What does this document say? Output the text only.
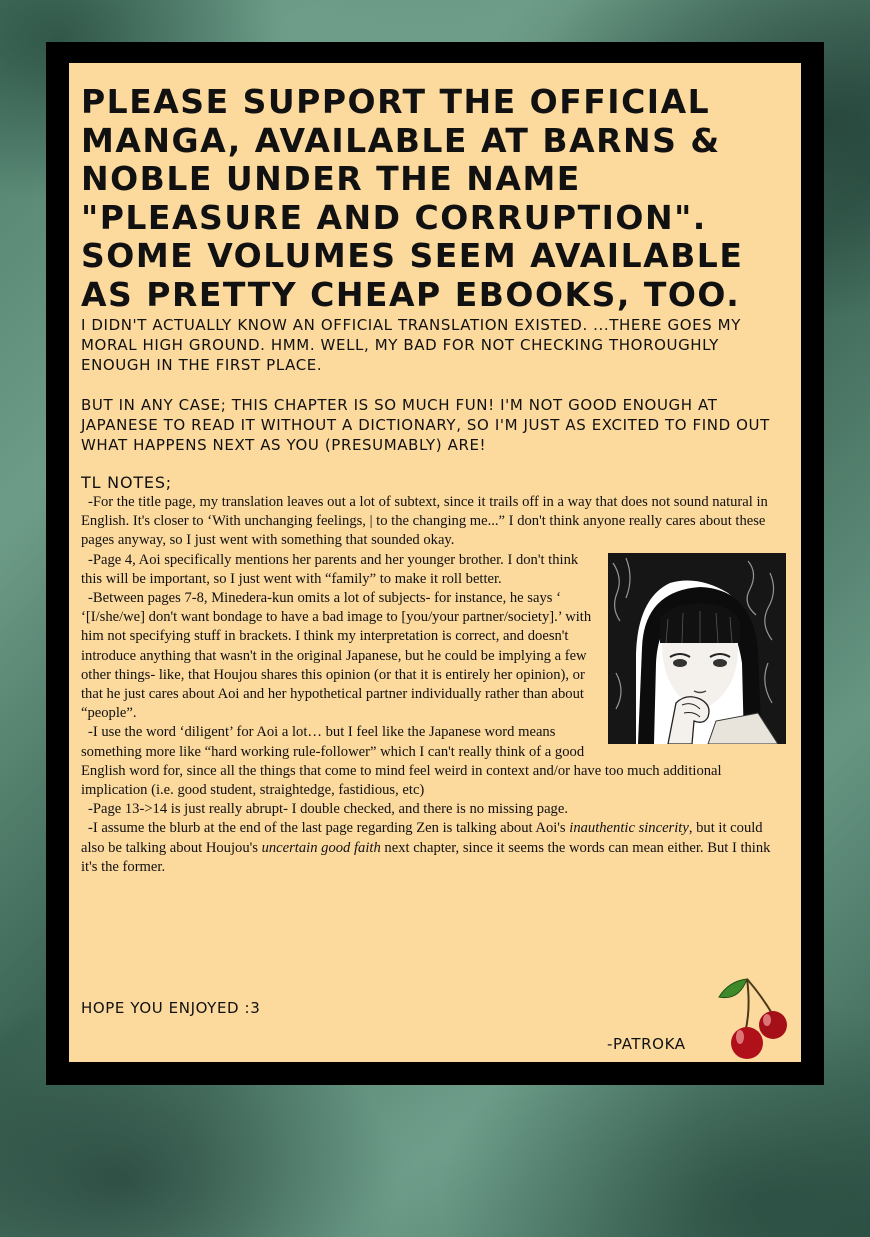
PLEASE SUPPORT THE OFFICIAL MANGA, AVAILABLE AT BARNS & NOBLE UNDER THE NAME "PLEASURE AND CORRUPTION". SOME VOLUMES SEEM AVAILABLE AS PRETTY CHEAP EBOOKS, TOO.

I DIDN'T ACTUALLY KNOW AN OFFICIAL TRANSLATION EXISTED. ...THERE GOES MY MORAL HIGH GROUND. HMM. WELL, MY BAD FOR NOT CHECKING THOROUGHLY ENOUGH IN THE FIRST PLACE.

BUT IN ANY CASE; THIS CHAPTER IS SO MUCH FUN! I'M NOT GOOD ENOUGH AT JAPANESE TO READ IT WITHOUT A DICTIONARY, SO I'M JUST AS EXCITED TO FIND OUT WHAT HAPPENS NEXT AS YOU (PRESUMABLY) ARE!

TL NOTES;

-For the title page, my translation leaves out a lot of subtext, since it trails off in a way that does not sound natural in English. It's closer to ‘With unchanging feelings, | to the changing me...” I don't think anyone really cares about these pages anyway, so I just went with something that sounded okay.

-Page 4, Aoi specifically mentions her parents and her younger brother. I don't think this will be important, so I just went with “family” to make it roll better.

-Between pages 7-8, Minedera-kun omits a lot of subjects- for instance, he says ‘ ‘[I/she/we] don't want bondage to have a bad image to [you/your partner/society].’ with him not specifying stuff in brackets. I think my interpretation is correct, and doesn't introduce anything that wasn't in the original Japanese, but he could be implying a few other things- like, that Houjou shares this opinion (or that it is entirely her opinion), or that he just cares about Aoi and her hypothetical partner individually rather than about “people”.

-I use the word ‘diligent’ for Aoi a lot… but I feel like the Japanese word means something more like “hard working rule-follower” which I can't really think of a good English word for, since all the things that come to mind feel weird in context and/or have too much additional implication (i.e. good student, straightedge, fastidious, etc)

-Page 13->14 is just really abrupt- I double checked, and there is no missing page.

-I assume the blurb at the end of the last page regarding Zen is talking about Aoi's inauthentic sincerity, but it could also be talking about Houjou's uncertain good faith next chapter, since it seems the words can mean either. But I think it's the former.

HOPE YOU ENJOYED :3

-PATROKA
